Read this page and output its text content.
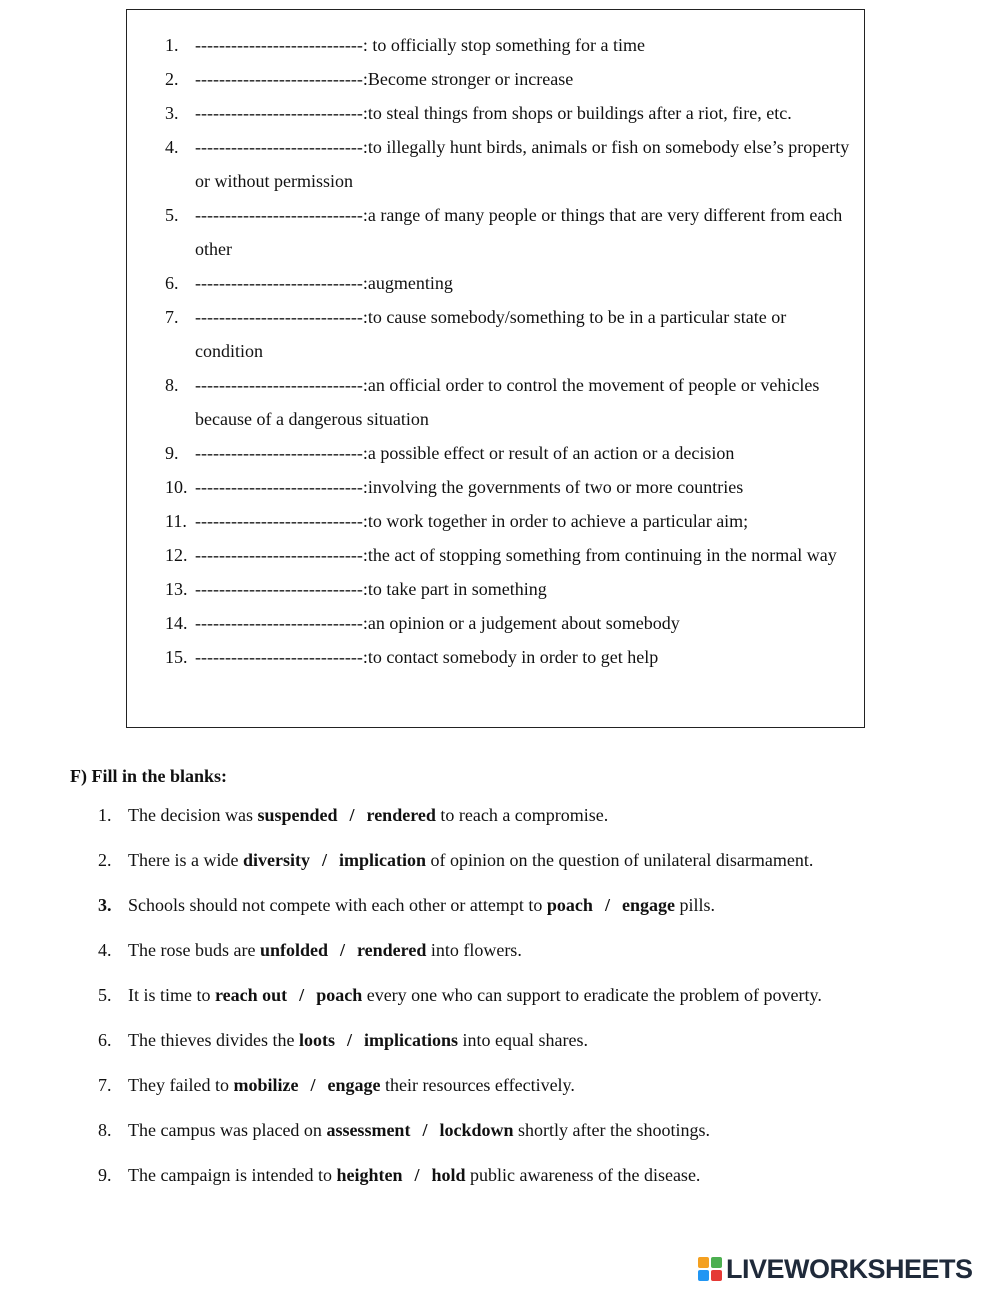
1. ----------------------------: to officially stop something for a time
2. ----------------------------:Become stronger or increase
3. ----------------------------:to steal things from shops or buildings after a riot, fire, etc.
4. ----------------------------:to illegally hunt birds, animals or fish on somebody else’s property or without permission
5. ----------------------------:a range of many people or things that are very different from each other
6. ----------------------------:augmenting
7. ----------------------------:to cause somebody/something to be in a particular state or condition
8. ----------------------------:an official order to control the movement of people or vehicles because of a dangerous situation
9. ----------------------------:a possible effect or result of an action or a decision
10. ----------------------------:involving the governments of two or more countries
11. ----------------------------:to work together in order to achieve a particular aim;
12. ----------------------------:the act of stopping something from continuing in the normal way
13. ----------------------------:to take part in something
14. ----------------------------:an opinion or a judgement about somebody
15. ----------------------------:to contact somebody in order to get help
F) Fill in the blanks:
1. The decision was suspended / rendered to reach a compromise.
2. There is a wide diversity / implication of opinion on the question of unilateral disarmament.
3. Schools should not compete with each other or attempt to poach / engage pills.
4. The rose buds are unfolded / rendered into flowers.
5. It is time to reach out / poach every one who can support to eradicate the problem of poverty.
6. The thieves divides the loots / implications into equal shares.
7. They failed to mobilize / engage their resources effectively.
8. The campus was placed on assessment / lockdown shortly after the shootings.
9. The campaign is intended to heighten / hold public awareness of the disease.
LIVEWORKSHEETS
